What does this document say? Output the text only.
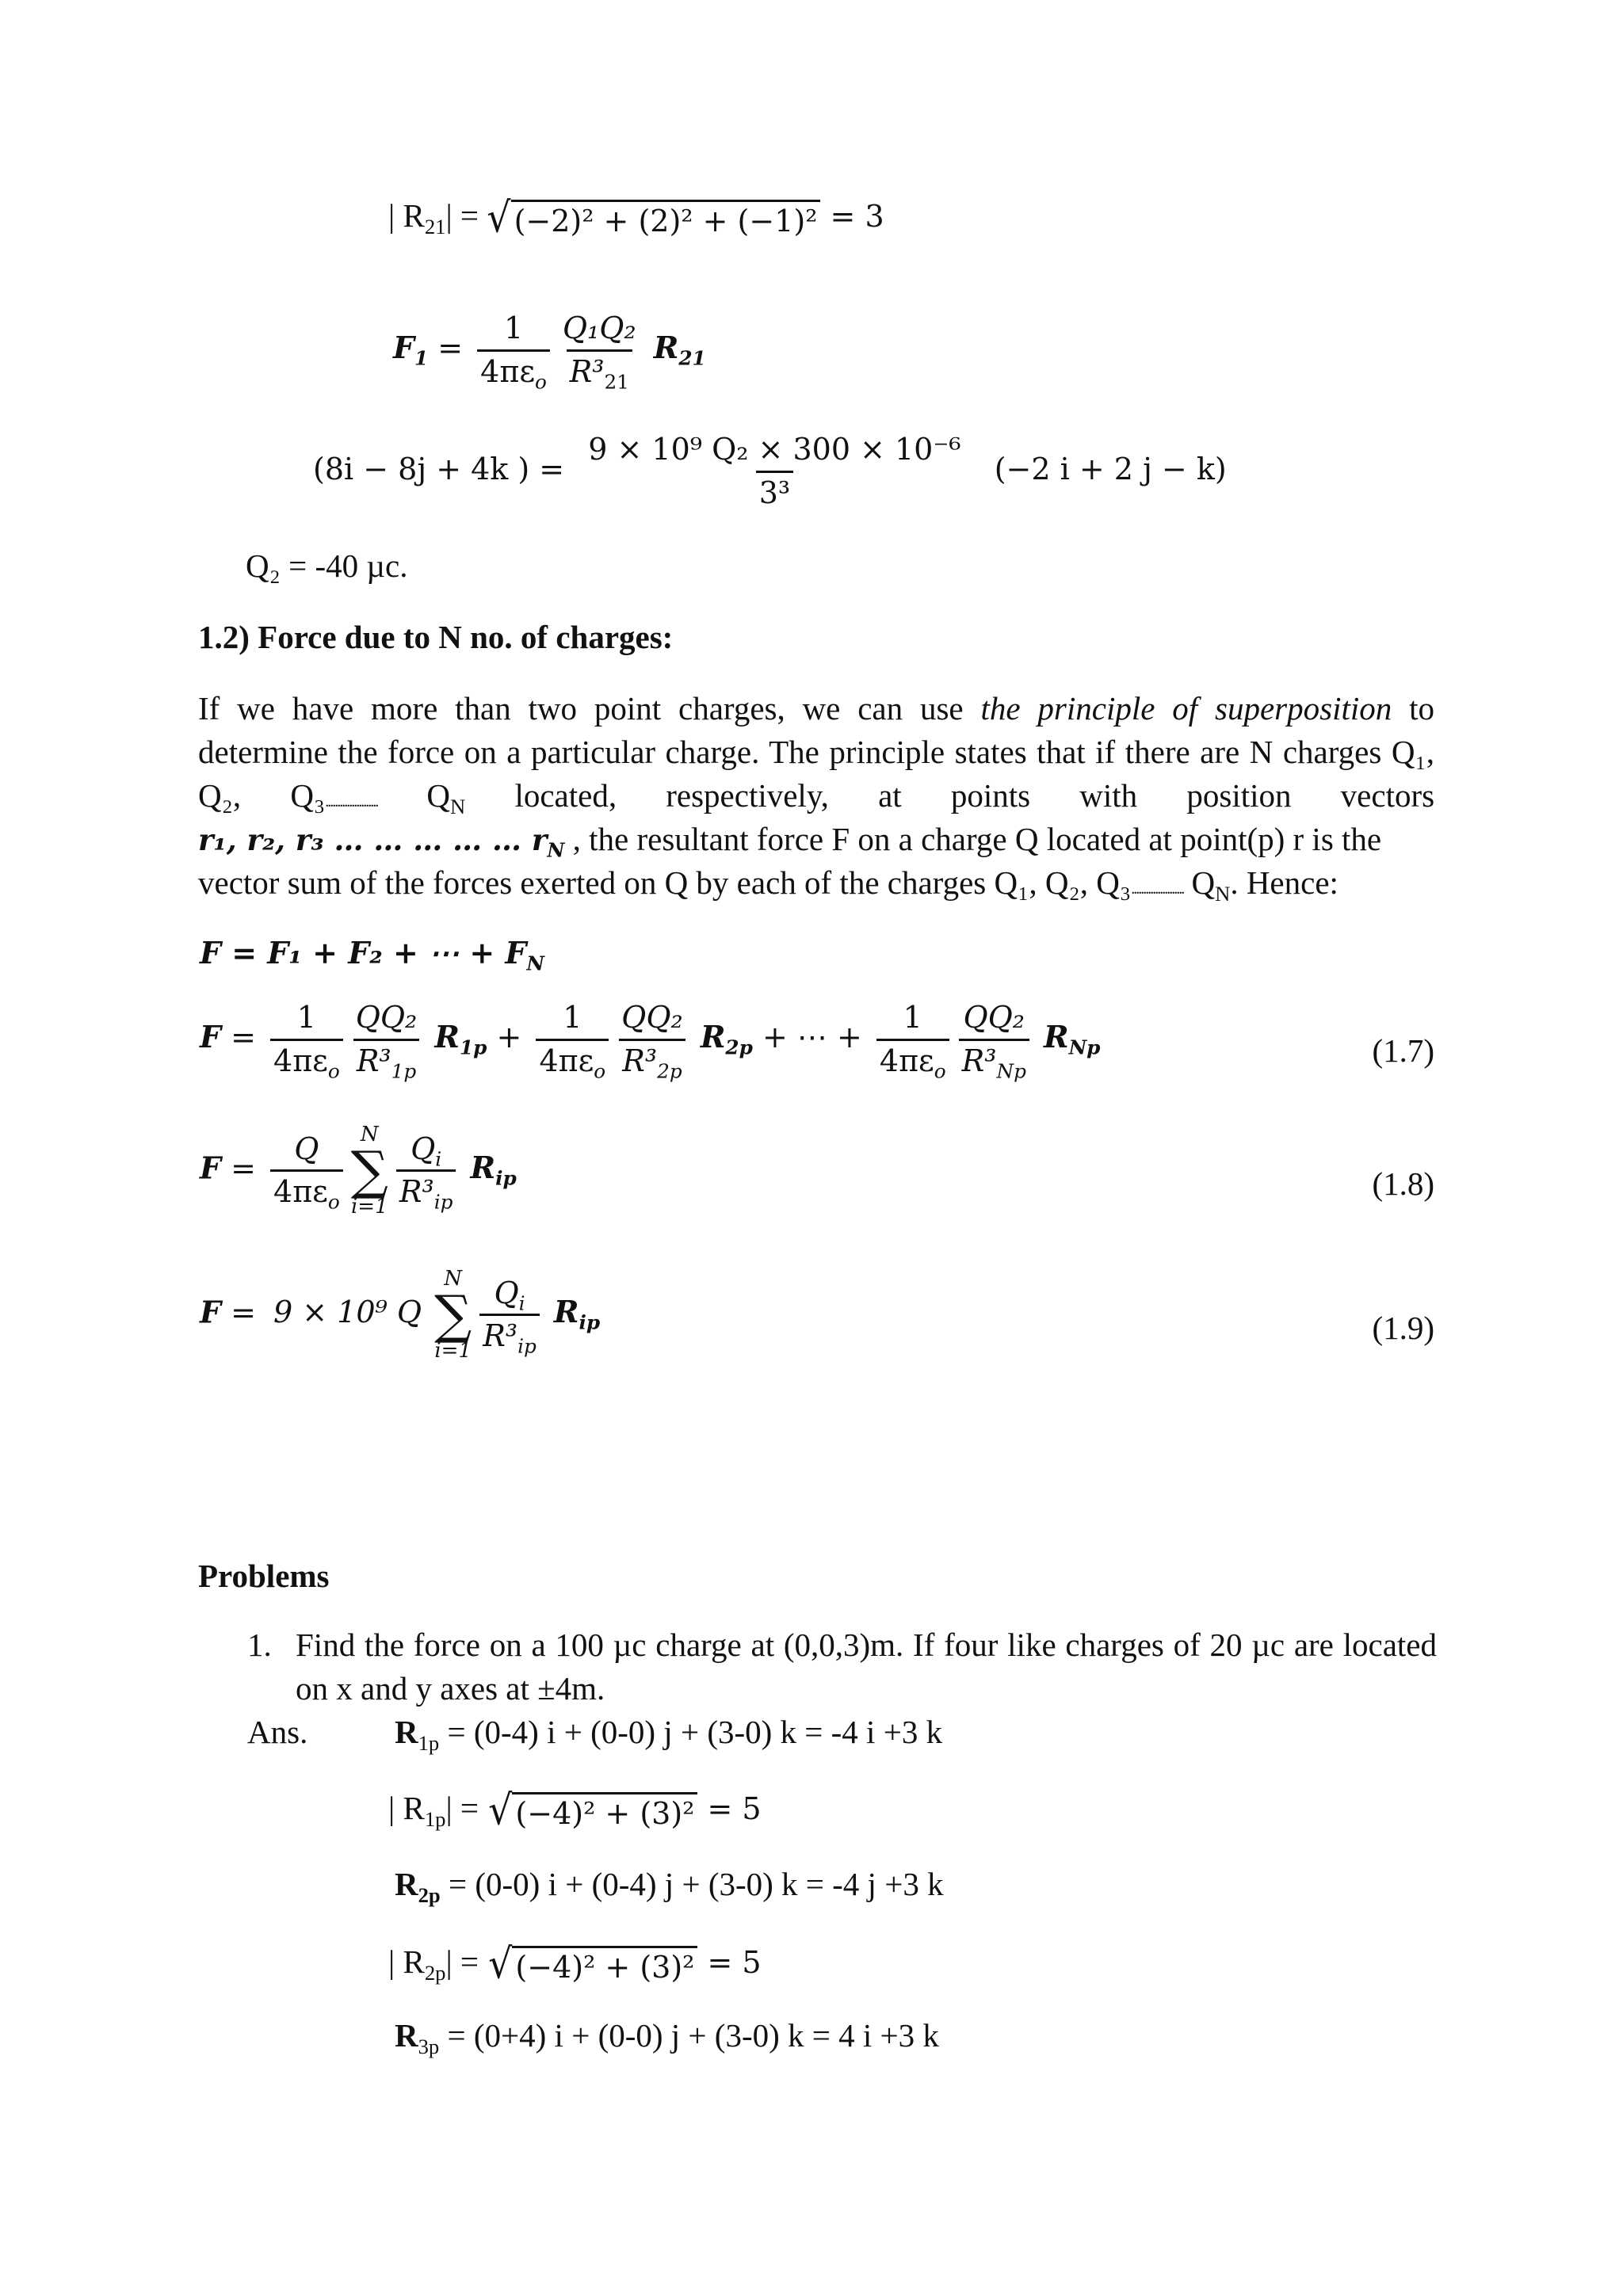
| $R_{21}|$ = √ (−2)² + (2)² + (−1)² = 3
$F_1 = \frac{1}{4\pi\varepsilon_o} \frac{\text{Q₁Q₂}}{R^3_{21}} R_{21}$
(8i − 8j + 4k ) = $\frac{\text{9 × 10⁹ Q₂ × 300 × 10⁻⁶}}{\text{3³}} (-2$ i + 2 j − k)
Q₂ = -40 µc.
1.2) Force due to N no. of charges:
If we have more than two point charges, we can use the principle of superposition to
determine the force on a particular charge. The principle states that if there are N charges Q₁,
Q₂, Q₃...................... $Q_N$ located, respectively, at points with position vectors
r₁, r₂, r₃ … … … … … $r_N$ , the resultant force F on a charge Q located at point(p) r is the
vector sum of the forces exerted on Q by each of the charges Q₁, Q₂, Q₃...................... $Q_N$. Hence:
F = F₁ + F₂ + ⋯ + $F_N$
$F = \frac{1}{4\pi\varepsilon_o} \frac{\text{QQ₂}}{R^3_{1p}} R_{1p} + \frac{1}{4\pi\varepsilon_o} \frac{\text{QQ₂}}{R^3_{2p}} R_{2p}$ + ⋯ + $\frac{1}{4\pi\varepsilon_o} \frac{\text{QQ₂}}{R^3_{Np}} R_{Np}$	(1.7)
$F = \frac{Q}{4\pi\varepsilon_o}$ N
∑
$i=1 \frac{Q_i}{R^3_{ip}} R_{ip}$	(1.8)
F = 9 × 10⁹ Q
N
∑
$i=1 \frac{Q_i}{R^3_{ip}} R_{ip}$	(1.9)
Problems
1. Find the force on a 100 µc charge at (0,0,3)m. If four like charges of 20 µc are located
on x and y axes at ±4m.
Ans.	$R_{1p} = (0-4) i + (0-0) j + (3-0) k = -4$ i +3 k
| $R_{1p}|$ = √ (−4)² + (3)² = 5
$R_{2p} = (0-0) i + (0-4) j + (3-0) k = -4$ j +3 k
| $R_{2p}|$ = √ (−4)² + (3)² = 5
$R_{3p} = (0+4) i + (0-0) j + (3-0) k = 4$ i +3 k
